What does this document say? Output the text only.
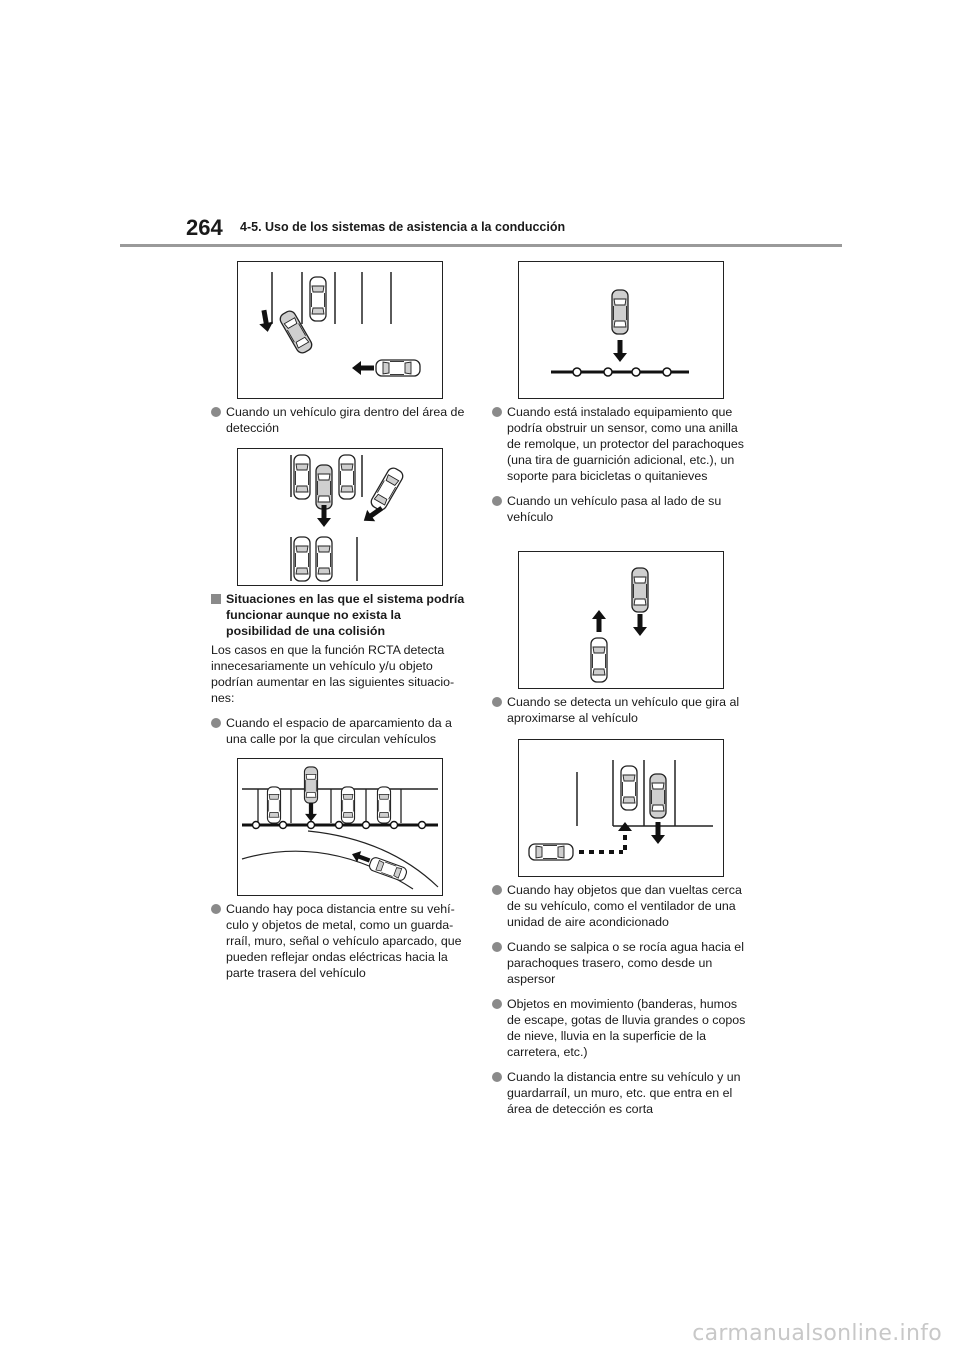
264 4-5. Uso de los sistemas de asistencia a la conducción
Cuando un vehículo gira dentro del área de detección
Situaciones en las que el sistema podría funcionar aunque no exista la posibilidad de una colisión
Los casos en que la función RCTA detecta innecesariamente un vehículo y/u objeto podrían aumentar en las siguientes situaciones:
Cuando el espacio de aparcamiento da a una calle por la que circulan vehículos
Cuando hay poca distancia entre su vehículo y objetos de metal, como un guardarraíl, muro, señal o vehículo aparcado, que pueden reflejar ondas eléctricas hacia la parte trasera del vehículo
Cuando está instalado equipamiento que podría obstruir un sensor, como una anilla de remolque, un protector del parachoques (una tira de guarnición adicional, etc.), un soporte para bicicletas o quitanieves
Cuando un vehículo pasa al lado de su vehículo
Cuando se detecta un vehículo que gira al aproximarse al vehículo
Cuando hay objetos que dan vueltas cerca de su vehículo, como el ventilador de una unidad de aire acondicionado
Cuando se salpica o se rocía agua hacia el parachoques trasero, como desde un aspersor
Objetos en movimiento (banderas, humos de escape, gotas de lluvia grandes o copos de nieve, lluvia en la superficie de la carretera, etc.)
Cuando la distancia entre su vehículo y un guardarraíl, un muro, etc. que entra en el área de detección es corta
carmanualsonline.info
